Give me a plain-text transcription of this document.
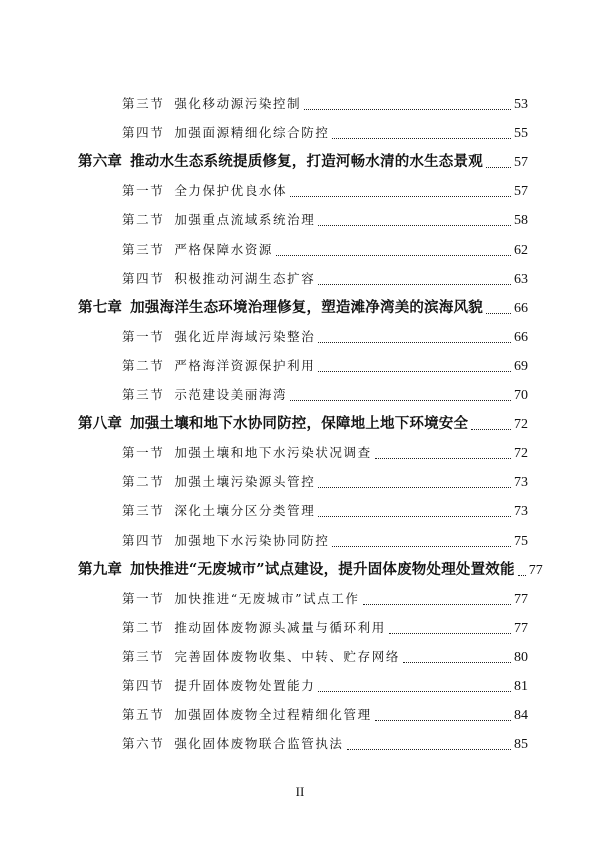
第三节 强化移动源污染控制	53
第四节 加强面源精细化综合防控	55
第六章 推动水生态系统提质修复，打造河畅水清的水生态景观 57
第一节 全力保护优良水体	57
第二节 加强重点流域系统治理	58
第三节 严格保障水资源	62
第四节 积极推动河湖生态扩容	63
第七章 加强海洋生态环境治理修复，塑造滩净湾美的滨海风貌 66
第一节 强化近岸海域污染整治	66
第二节 严格海洋资源保护利用	69
第三节 示范建设美丽海湾	70
第八章 加强土壤和地下水协同防控，保障地上地下环境安全	72
第一节 加强土壤和地下水污染状况调查	72
第二节 加强土壤污染源头管控	73
第三节 深化土壤分区分类管理	73
第四节 加强地下水污染协同防控	75
第九章 加快推进“无废城市”试点建设，提升固体废物处理处置效能 77
第一节 加快推进“无废城市”试点工作	77
第二节 推动固体废物源头减量与循环利用	77
第三节 完善固体废物收集、中转、贮存网络	80
第四节 提升固体废物处置能力	81
第五节 加强固体废物全过程精细化管理	84
第六节 强化固体废物联合监管执法	85
II
